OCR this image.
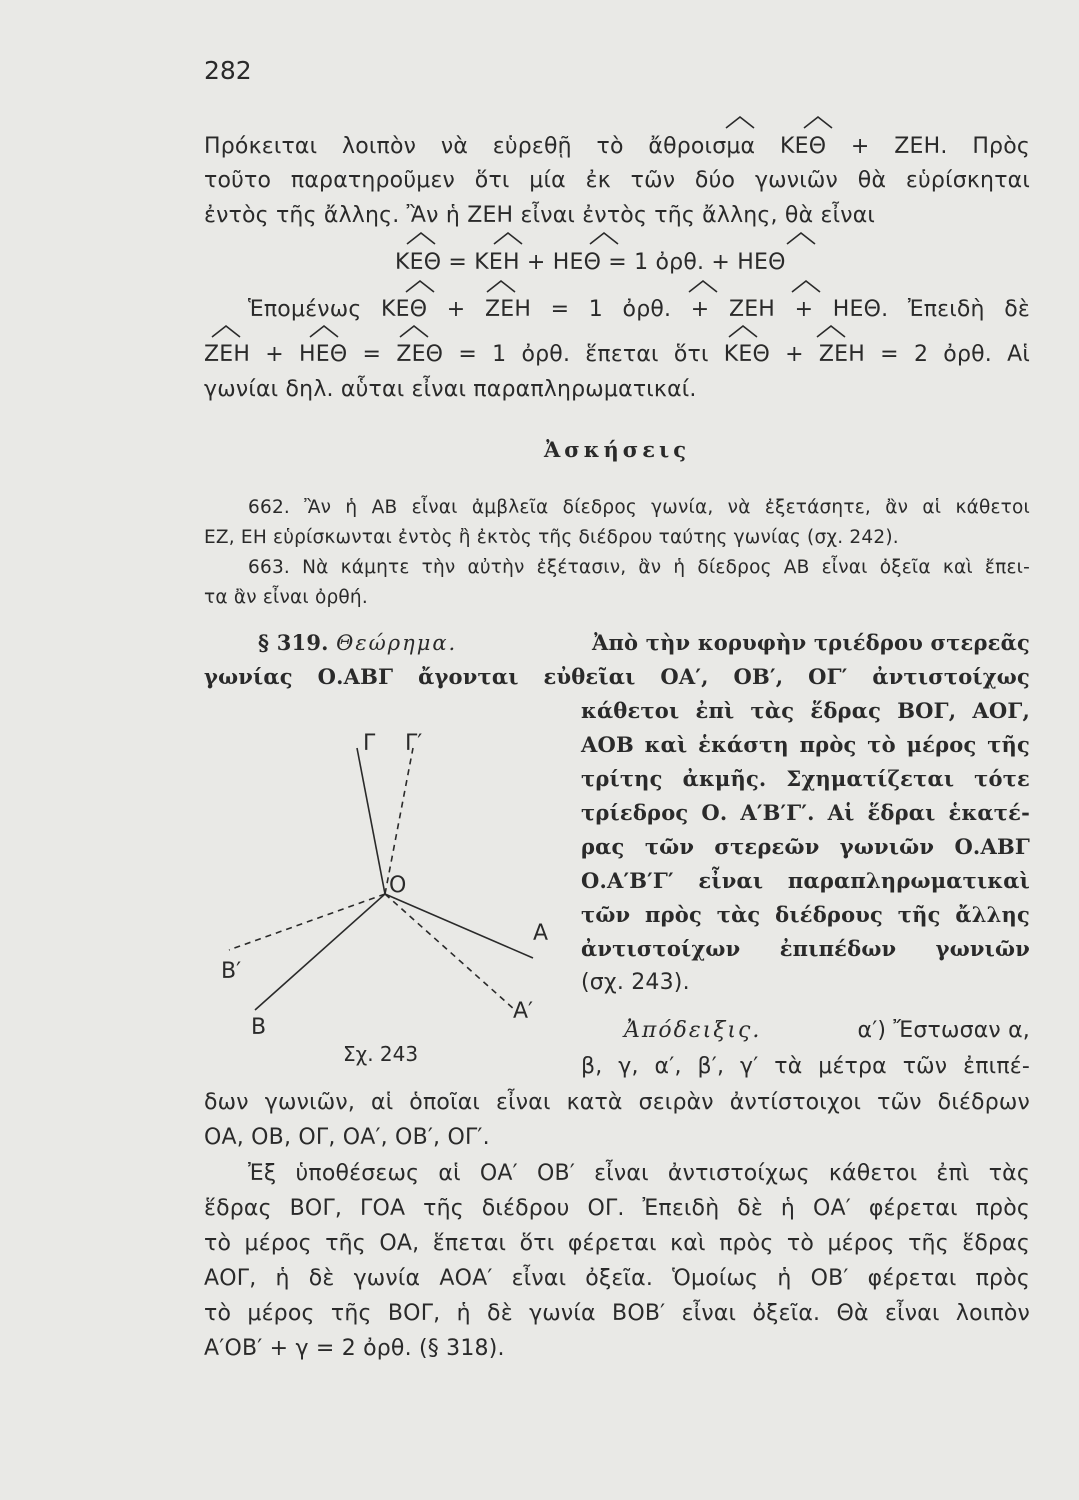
282
Πρόκειται λοιπὸν νὰ εὑρεθῇ τὸ ἄθροισμα ΚΕΘ + ΖΕΗ. Πρὸς
τοῦτο παρατηροῦμεν ὅτι μία ἐκ τῶν δύο γωνιῶν θὰ εὑρίσκηται
ἐντὸς τῆς ἄλλης. Ἂν ἡ ΖΕΗ εἶναι ἐντὸς τῆς ἄλλης, θὰ εἶναι
ΚΕΘ = ΚΕΗ + ΗΕΘ = 1 ὀρθ. + ΗΕΘ
Ἑπομένως ΚΕΘ + ΖΕΗ = 1 ὀρθ. + ΖΕΗ + ΗΕΘ. Ἐπειδὴ δὲ
ΖΕΗ + ΗΕΘ = ΖΕΘ = 1 ὀρθ. ἕπεται ὅτι ΚΕΘ + ΖΕΗ = 2 ὀρθ. Αἱ
γωνίαι δηλ. αὗται εἶναι παραπληρωματικαί.
Ἀσκήσεις
662. Ἂν ἡ ΑΒ εἶναι ἀμβλεῖα δίεδρος γωνία, νὰ ἐξετάσητε, ἂν αἱ κάθετοι
ΕΖ, ΕΗ εὑρίσκωνται ἐντὸς ἢ ἐκτὸς τῆς διέδρου ταύτης γωνίας (σχ. 242).
663. Νὰ κάμητε τὴν αὐτὴν ἐξέτασιν, ἂν ἡ δίεδρος ΑΒ εἶναι ὀξεῖα καὶ ἔπει-
τα ἂν εἶναι ὀρθή.
§ 319. Θεώρημα.	Ἀπὸ τὴν κορυφὴν τριέδρου στερεᾶς
γωνίας Ο.ΑΒΓ ἄγονται εὐθεῖαι ΟΑ′, ΟΒ′, ΟΓ′ ἀντιστοίχως
κάθετοι ἐπὶ τὰς ἕδρας ΒΟΓ, ΑΟΓ,
ΑΟΒ καὶ ἑκάστη πρὸς τὸ μέρος τῆς
τρίτης ἀκμῆς. Σχηματίζεται τότε
τρίεδρος Ο. Α′Β′Γ′. Αἱ ἕδραι ἑκατέ-
ρας τῶν στερεῶν γωνιῶν Ο.ΑΒΓ
Ο.Α′Β′Γ′ εἶναι παραπληρωματικαὶ
τῶν πρὸς τὰς διέδρους τῆς ἄλλης
ἀντιστοίχων ἐπιπέδων γωνιῶν
(σχ. 243).
Γ Γ′
Ο
Α
Α′
Β′
Β
Σχ. 243
Ἀπόδειξις.	α′) Ἔστωσαν α,
β, γ, α′, β′, γ′ τὰ μέτρα τῶν ἐπιπέ-
δων γωνιῶν, αἱ ὁποῖαι εἶναι κατὰ σειρὰν ἀντίστοιχοι τῶν διέδρων
ΟΑ, ΟΒ, ΟΓ, ΟΑ′, ΟΒ′, ΟΓ′.
Ἐξ ὑποθέσεως αἱ ΟΑ′ ΟΒ′ εἶναι ἀντιστοίχως κάθετοι ἐπὶ τὰς
ἕδρας ΒΟΓ, ΓΟΑ τῆς διέδρου ΟΓ. Ἐπειδὴ δὲ ἡ ΟΑ′ φέρεται πρὸς
τὸ μέρος τῆς ΟΑ, ἕπεται ὅτι φέρεται καὶ πρὸς τὸ μέρος τῆς ἕδρας
ΑΟΓ, ἡ δὲ γωνία ΑΟΑ′ εἶναι ὀξεῖα. Ὁμοίως ἡ ΟΒ′ φέρεται πρὸς
τὸ μέρος τῆς ΒΟΓ, ἡ δὲ γωνία ΒΟΒ′ εἶναι ὀξεῖα. Θὰ εἶναι λοιπὸν
Α′ΟΒ′ + γ = 2 ὀρθ. (§ 318).
